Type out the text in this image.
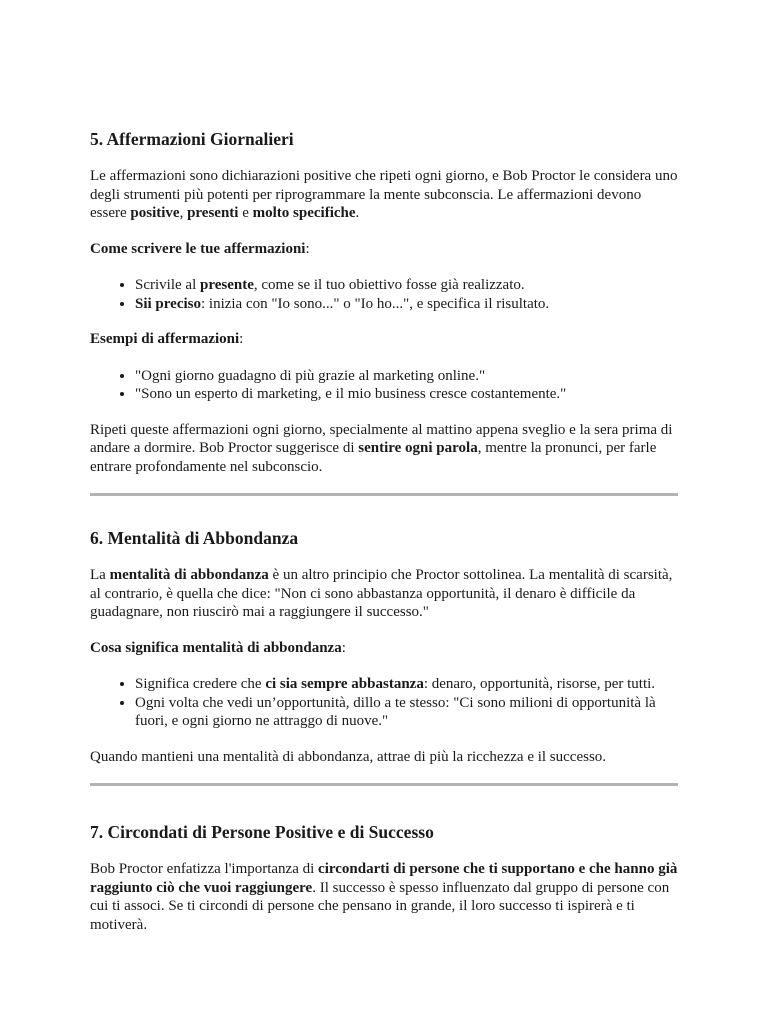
5. Affermazioni Giornalieri

Le affermazioni sono dichiarazioni positive che ripeti ogni giorno, e Bob Proctor le considera uno degli strumenti più potenti per riprogrammare la mente subconscia. Le affermazioni devono essere positive, presenti e molto specifiche.

Come scrivere le tue affermazioni:

• Scrivile al presente, come se il tuo obiettivo fosse già realizzato.
• Sii preciso: inizia con "Io sono..." o "Io ho...", e specifica il risultato.

Esempi di affermazioni:

• "Ogni giorno guadagno di più grazie al marketing online."
• "Sono un esperto di marketing, e il mio business cresce costantemente."

Ripeti queste affermazioni ogni giorno, specialmente al mattino appena sveglio e la sera prima di andare a dormire. Bob Proctor suggerisce di sentire ogni parola, mentre la pronunci, per farle entrare profondamente nel subconscio.

6. Mentalità di Abbondanza

La mentalità di abbondanza è un altro principio che Proctor sottolinea. La mentalità di scarsità, al contrario, è quella che dice: "Non ci sono abbastanza opportunità, il denaro è difficile da guadagnare, non riuscirò mai a raggiungere il successo."

Cosa significa mentalità di abbondanza:

• Significa credere che ci sia sempre abbastanza: denaro, opportunità, risorse, per tutti.
• Ogni volta che vedi un’opportunità, dillo a te stesso: "Ci sono milioni di opportunità là fuori, e ogni giorno ne attraggo di nuove."

Quando mantieni una mentalità di abbondanza, attrae di più la ricchezza e il successo.

7. Circondati di Persone Positive e di Successo

Bob Proctor enfatizza l'importanza di circondarti di persone che ti supportano e che hanno già raggiunto ciò che vuoi raggiungere. Il successo è spesso influenzato dal gruppo di persone con cui ti associ. Se ti circondi di persone che pensano in grande, il loro successo ti ispirerà e ti motiverà.
